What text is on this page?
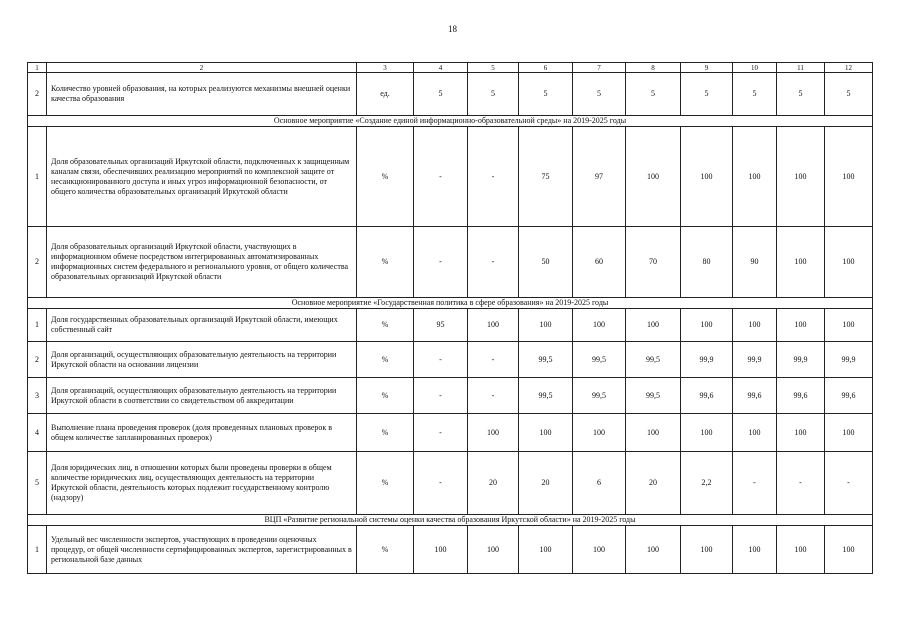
18
1	2	3	4	5	6	7	8	9	10	11	12
2	Количество уровней образования, на которых реализуются механизмы внешней оценки качества образования	ед.	5	5	5	5	5	5	5	5	5
Основное мероприятие «Создание единой информационно-образовательной среды» на 2019-2025 годы											
1	Доля образовательных организаций Иркутской области, подключенных к защищенным каналам связи, обеспечивших реализацию мероприятий по комплексной защите от несанкционированного доступа и иных угроз информационной безопасности, от общего количества образовательных организаций Иркутской области	%	-	-	75	97	100	100	100	100	100
2	Доля образовательных организаций Иркутской области, участвующих в информационном обмене посредством интегрированных автоматизированных информационных систем федерального и регионального уровня, от общего количества образовательных организаций Иркутской области	%	-	-	50	60	70	80	90	100	100
Основное мероприятие «Государственная политика в сфере образования» на 2019-2025 годы											
1	Доля государственных образовательных организаций Иркутской области, имеющих собственный сайт	%	95	100	100	100	100	100	100	100	100
2	Доля организаций, осуществляющих образовательную деятельность на территории Иркутской области на основании лицензии	%	-	-	99,5	99,5	99,5	99,9	99,9	99,9	99,9
3	Доля организаций, осуществляющих образовательную деятельность на территории Иркутской области в соответствии со свидетельством об аккредитации	%	-	-	99,5	99,5	99,5	99,6	99,6	99,6	99,6
4	Выполнение плана проведения проверок (доля проведенных плановых проверок в общем количестве запланированных проверок)	%	-	100	100	100	100	100	100	100	100
5	Доля юридических лиц, в отношении которых были проведены проверки в общем количестве юридических лиц, осуществляющих деятельность на территории Иркутской области, деятельность которых подлежит государственному контролю (надзору)	%	-	20	20	6	20	2,2	-	-	-
ВЦП «Развитие региональной системы оценки качества образования Иркутской области» на 2019-2025 годы											
1	Удельный вес численности экспертов, участвующих в проведении оценочных процедур, от общей численности сертифицированных экспертов, зарегистрированных в региональной базе данных	%	100	100	100	100	100	100	100	100	100
